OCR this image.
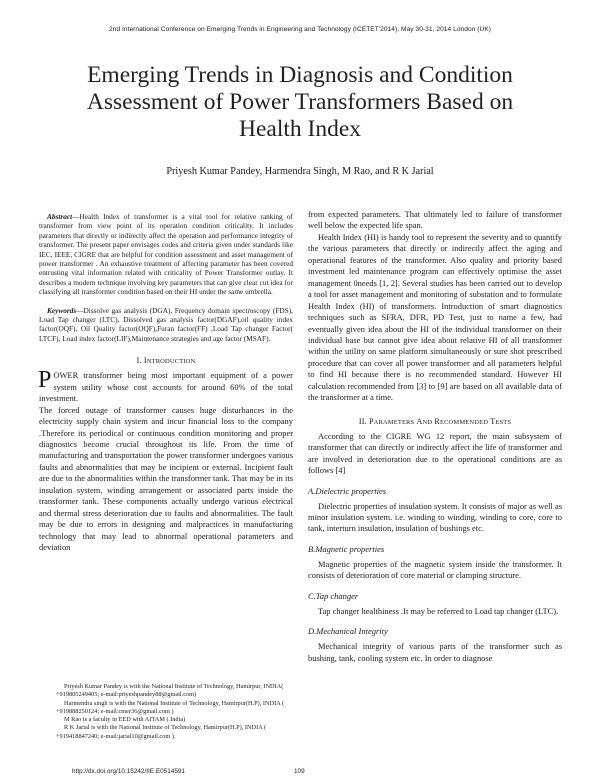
2nd International Conference on Emerging Trends in Engineering and Technology (ICETET'2014), May 30-31, 2014 London (UK)
Emerging Trends in Diagnosis and Condition Assessment of Power Transformers Based on Health Index
Priyesh Kumar Pandey, Harmendra Singh, M Rao, and R K Jarial

Abstract—Health Index of transformer is a vital tool for relative ranking of transformer from view point of its operation condition criticality. It includes parameters that directly or indirectly affect the operation and performance integrity of transformer. The present paper envisages codes and criteria given under standards like IEC, IEEE, CIGRE that are helpful for condition assessment and asset management of power transformer . An exhaustive treatment of affecting parameter has been covered entrusting vital information related with criticality of Power Transformer outlay. It describes a modern technique involving key parameters that can give clear cut idea for classifying all transformer condition based on their HI under the same umbrella.

Keywords—Dissolve gas analysis (DGA), Frequency domain spectroscopy (FDS), Load Tap changer (LTC), Dissolved gas analysis factor(DGAF),oil quality index factor(OQF), Oil Quality factor(OQF),Furan factor(FF) ,Load Tap changer Factor( LTCF), Load index factor(LIF),Maintenance strategies and age factor (MSAF).

I. INTRODUCTION

POWER transformer being most important equipment of a power system utility whose cost accounts for around 60% of the total investment.

The forced outage of transformer causes huge disturbances in the electricity supply chain system and incur financial loss to the company .Therefore its periodical or continuous condition monitoring and proper diagnostics become crucial throughout its life. From the time of manufacturing and transportation the power transformer undergoes various faults and abnormalities that may be incipient or external. Incipient fault are due to the abnormalities within the transformer tank. That may be in its insulation system, winding arrangement or associated parts inside the transformer tank. These components actually undergo various electrical and thermal stress deterioration due to faults and abnormalities. The fault may be due to errors in designing and malpractices in manufacturing technology that may lead to abnormal operational parameters and deviation

from expected parameters. That ultimately led to failure of transformer well below the expected life span.

Health Index (HI) is handy tool to represent the severity and to quantify the various parameters that directly or indirectly affect the aging and operational features of the transformer. Also quality and priority based investment led maintenance program can effectively optimise the asset management 0needs [1, 2]. Several studies has been carried out to develop a tool for asset management and monitoring of substation and to formulate Health Index (HI) of transformers. Introduction of smart diagnostics techniques such as SFRA, DFR, PD Test, just to name a few, had eventually given idea about the HI of the individual transformer on their individual base but cannot give idea about relative HI of all transformer within the utility on same platform simultaneously or sure shot prescribed procedure that can cover all power transformer and all parameters helpful to find HI because there is no recommended standard. However HI calculation recommended from [3] to [9] are based on all available data of the transformer at a time.

II. PARAMETERS AND RECOMMENDED TESTS

According to the CIGRE WG 12 report, the main subsystem of transformer that can directly or indirectly affect the life of transformer and are involved in deterioration due to the operational conditions are as follows [4]

A.Dielectric properties

Dielectric properties of insulation system. It consists of major as well as minor insulation system. i.e. winding to winding, winding to core, core to tank, interturn insulation, insulation of bushings etc.

B.Magnetic properties

Magnetic properties of the magnetic system inside the transformer. It consists of deterioration of core material or clamping structure.

C.Tap changer

Tap changer healthiness .It may be referred to Load tap changer (LTC).

D.Mechanical Integrity

Mechanical integrity of various parts of the transformer such as bushing, tank, cooling system etc. In order to diagnose

Priyesh Kumar Pandey is with the National Institute of Technology, Hamirpur, INDIA( +919805249405; e-mail:priyeshpandey88@gmail.com)

Harmendra singh is with the National Institute of Technology, Hamirpur(H.P), INDIA ( +919888250124; e-mail:cmer36@gmail.com )

M Rao is a faculty in EED with AITAM (.India)

R K Jarial is with the National Institute of Technology, Hamirpur(H.P), INDIA ( +919418847240; e-mail:jarial10@gmail.com ).

http://dx.doi.org/10.15242/IIE.E0514591	109
